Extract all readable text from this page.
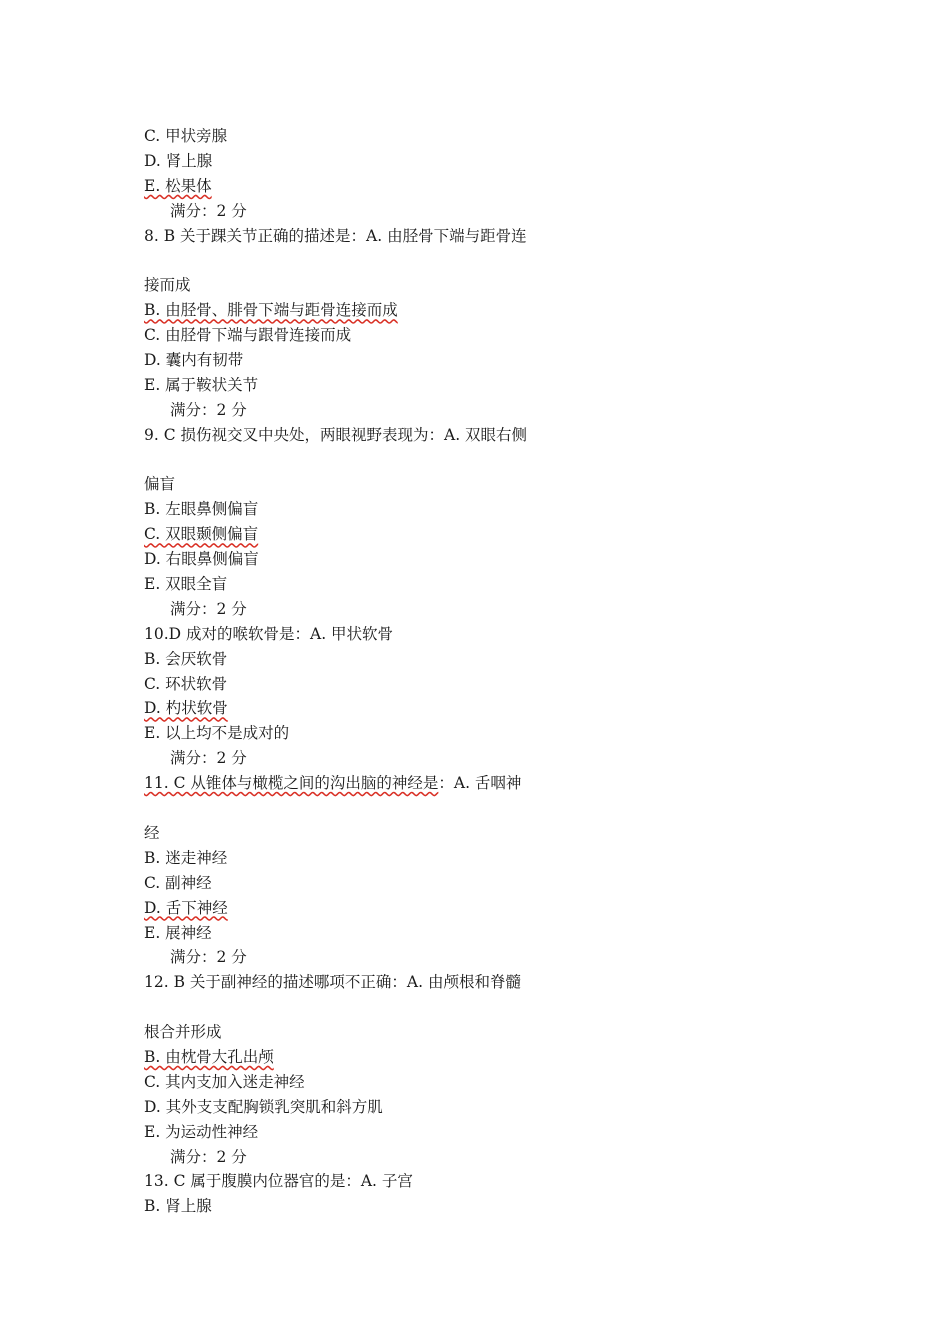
C. 甲状旁腺
D. 肾上腺
E. 松果体
满分：2 分
8. B 关于踝关节正确的描述是：A. 由胫骨下端与距骨连
接而成
B. 由胫骨、腓骨下端与距骨连接而成
C. 由胫骨下端与跟骨连接而成
D. 囊内有韧带
E. 属于鞍状关节
满分：2 分
9. C 损伤视交叉中央处，两眼视野表现为：A. 双眼右侧
偏盲
B. 左眼鼻侧偏盲
C. 双眼颞侧偏盲
D. 右眼鼻侧偏盲
E. 双眼全盲
满分：2 分
10.D 成对的喉软骨是：A. 甲状软骨
B. 会厌软骨
C. 环状软骨
D. 杓状软骨
E. 以上均不是成对的
满分：2 分
11. C 从锥体与橄榄之间的沟出脑的神经是：A. 舌咽神
经
B. 迷走神经
C. 副神经
D. 舌下神经
E. 展神经
满分：2 分
12. B 关于副神经的描述哪项不正确：A. 由颅根和脊髓
根合并形成
B. 由枕骨大孔出颅
C. 其内支加入迷走神经
D. 其外支支配胸锁乳突肌和斜方肌
E. 为运动性神经
满分：2 分
13. C 属于腹膜内位器官的是：A. 子宫
B. 肾上腺
